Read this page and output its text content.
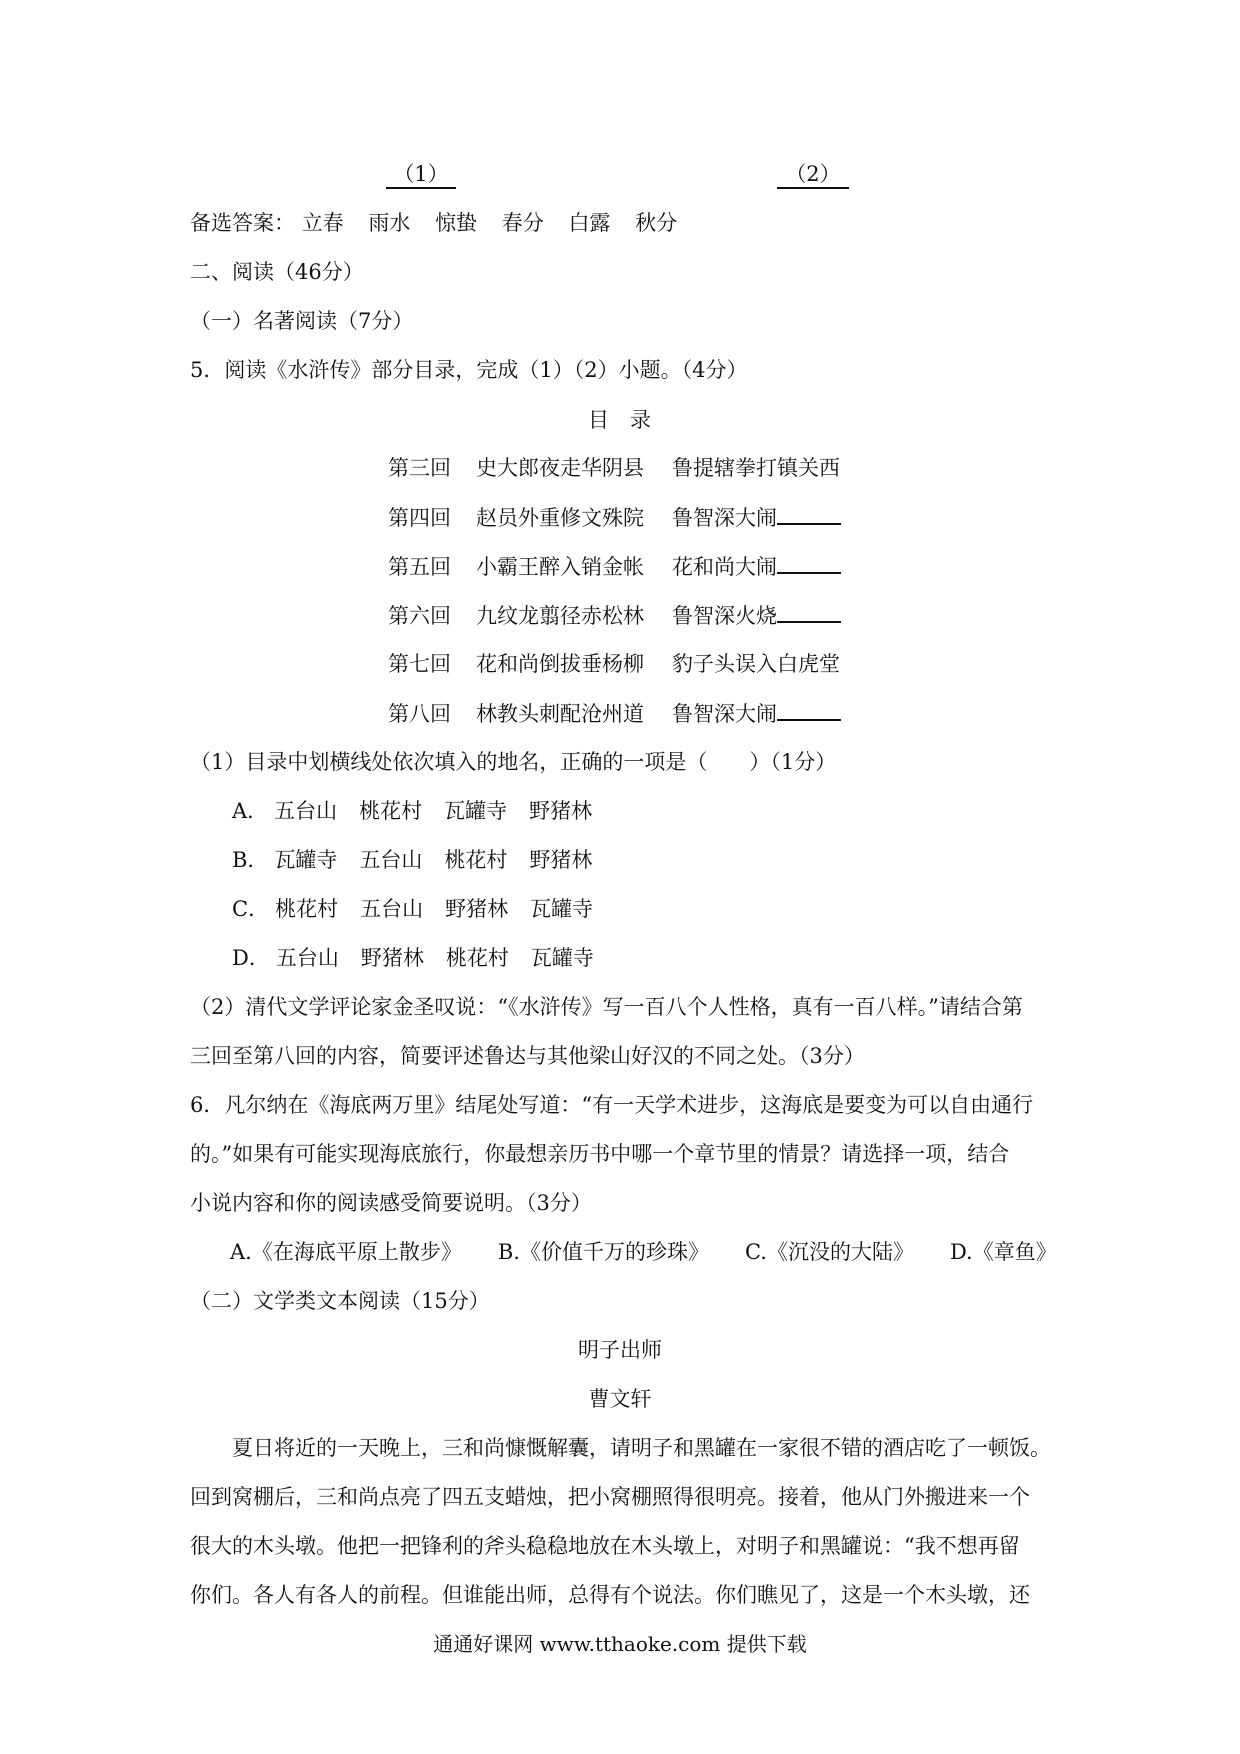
（1）	（2）
备选答案： 立春 雨水 惊蛰 春分 白露 秋分
二、阅读（46分）
（一）名著阅读（7分）
5．阅读《水浒传》部分目录，完成（1）（2）小题。（4分）
目　录
第三回 史大郎夜走华阴县 鲁提辖拳打镇关西
第四回 赵员外重修文殊院 鲁智深大闹
第五回 小霸王醉入销金帐 花和尚大闹
第六回 九纹龙翦径赤松林 鲁智深火烧
第七回 花和尚倒拔垂杨柳 豹子头误入白虎堂
第八回 林教头刺配沧州道 鲁智深大闹
（1）目录中划横线处依次填入的地名，正确的一项是（　　）（1分）
A． 五台山 桃花村 瓦罐寺 野猪林
B． 瓦罐寺 五台山 桃花村 野猪林
C． 桃花村 五台山 野猪林 瓦罐寺
D． 五台山 野猪林 桃花村 瓦罐寺
（2）清代文学评论家金圣叹说：“《水浒传》写一百八个人性格，真有一百八样。”请结合第
三回至第八回的内容，简要评述鲁达与其他梁山好汉的不同之处。（3分）
6．凡尔纳在《海底两万里》结尾处写道：“有一天学术进步，这海底是要变为可以自由通行
的。”如果有可能实现海底旅行，你最想亲历书中哪一个章节里的情景？请选择一项，结合
小说内容和你的阅读感受简要说明。（3分）
A.《在海底平原上散步》 B.《价值千万的珍珠》 C.《沉没的大陆》 D.《章鱼》
（二）文学类文本阅读（15分）
明子出师
曹文轩
夏日将近的一天晚上，三和尚慷慨解囊，请明子和黑罐在一家很不错的酒店吃了一顿饭。
回到窝棚后，三和尚点亮了四五支蜡烛，把小窝棚照得很明亮。接着，他从门外搬进来一个
很大的木头墩。他把一把锋利的斧头稳稳地放在木头墩上，对明子和黑罐说：“我不想再留
你们。各人有各人的前程。但谁能出师，总得有个说法。你们瞧见了，这是一个木头墩，还
通通好课网 www.tthaoke.com 提供下载
